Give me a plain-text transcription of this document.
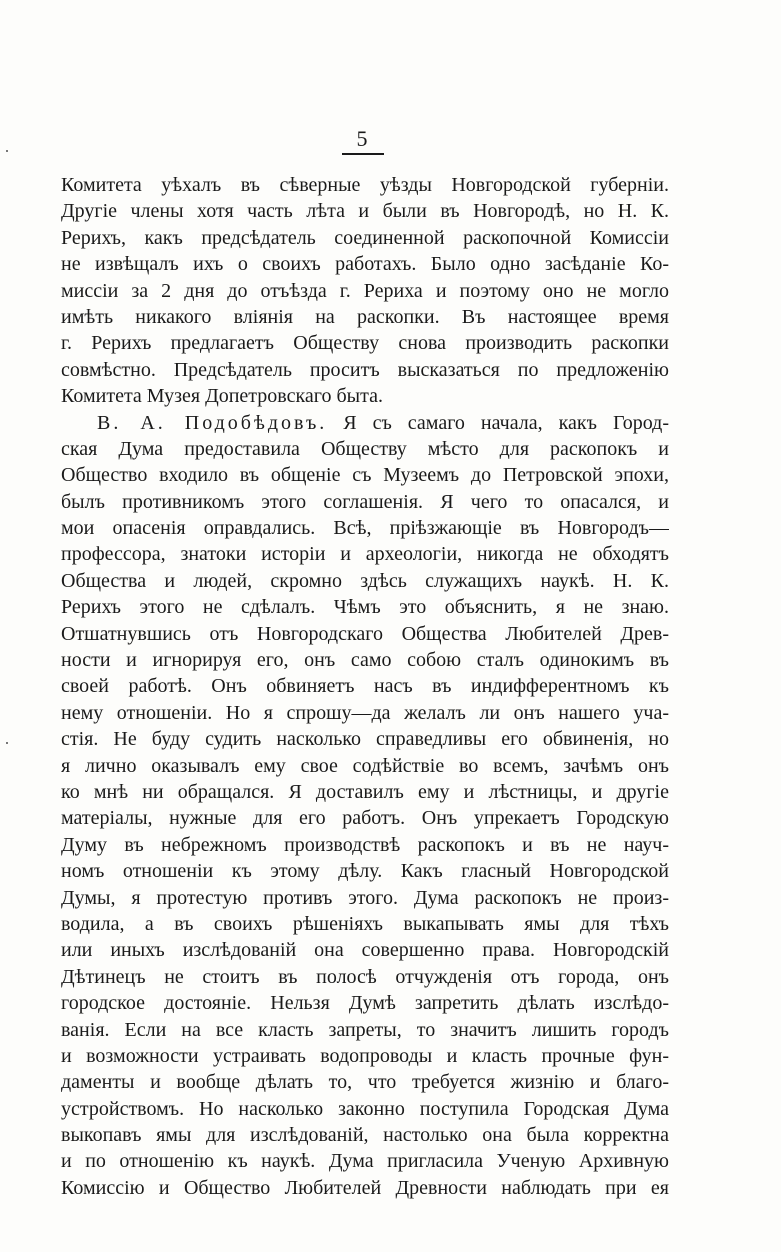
5
Комитета уѣхалъ въ сѣверные уѣзды Новгородской губерніи.
Другіе члены хотя часть лѣта и были въ Новгородѣ, но Н. К.
Рерихъ, какъ предсѣдатель соединенной раскопочной Комиссіи
не извѣщалъ ихъ о своихъ работахъ. Было одно засѣданіе Ко-
миссіи за 2 дня до отъѣзда г. Рериха и поэтому оно не могло
имѣть никакого вліянія на раскопки. Въ настоящее время
г. Рерихъ предлагаетъ Обществу снова производить раскопки
совмѣстно. Предсѣдатель проситъ высказаться по предложенію
Комитета Музея Допетровскаго быта.
В. А. Подобѣдовъ. Я съ самаго начала, какъ Город-
ская Дума предоставила Обществу мѣсто для раскопокъ и
Общество входило въ общеніе съ Музеемъ до Петровской эпохи,
былъ противникомъ этого соглашенія. Я чего то опасался, и
мои опасенія оправдались. Всѣ, пріѣзжающіе въ Новгородъ—
профессора, знатоки исторіи и археологіи, никогда не обходятъ
Общества и людей, скромно здѣсь служащихъ наукѣ. Н. К.
Рерихъ этого не сдѣлалъ. Чѣмъ это объяснить, я не знаю.
Отшатнувшись отъ Новгородскаго Общества Любителей Древ-
ности и игнорируя его, онъ само собою сталъ одинокимъ въ
своей работѣ. Онъ обвиняетъ насъ въ индифферентномъ къ
нему отношеніи. Но я спрошу—да желалъ ли онъ нашего уча-
стія. Не буду судить насколько справедливы его обвиненія, но
я лично оказывалъ ему свое содѣйствіе во всемъ, зачѣмъ онъ
ко мнѣ ни обращался. Я доставилъ ему и лѣстницы, и другіе
матеріалы, нужные для его работъ. Онъ упрекаетъ Городскую
Думу въ небрежномъ производствѣ раскопокъ и въ не науч-
номъ отношеніи къ этому дѣлу. Какъ гласный Новгородской
Думы, я протестую противъ этого. Дума раскопокъ не произ-
водила, а въ своихъ рѣшеніяхъ выкапывать ямы для тѣхъ
или иныхъ изслѣдованій она совершенно права. Новгородскій
Дѣтинецъ не стоитъ въ полосѣ отчужденія отъ города, онъ
городское достояніе. Нельзя Думѣ запретить дѣлать изслѣдо-
ванія. Если на все класть запреты, то значитъ лишить городъ
и возможности устраивать водопроводы и класть прочные фун-
даменты и вообще дѣлать то, что требуется жизнію и благо-
устройствомъ. Но насколько законно поступила Городская Дума
выкопавъ ямы для изслѣдованій, настолько она была корректна
и по отношенію къ наукѣ. Дума пригласила Ученую Архивную
Комиссію и Общество Любителей Древности наблюдать при ея
